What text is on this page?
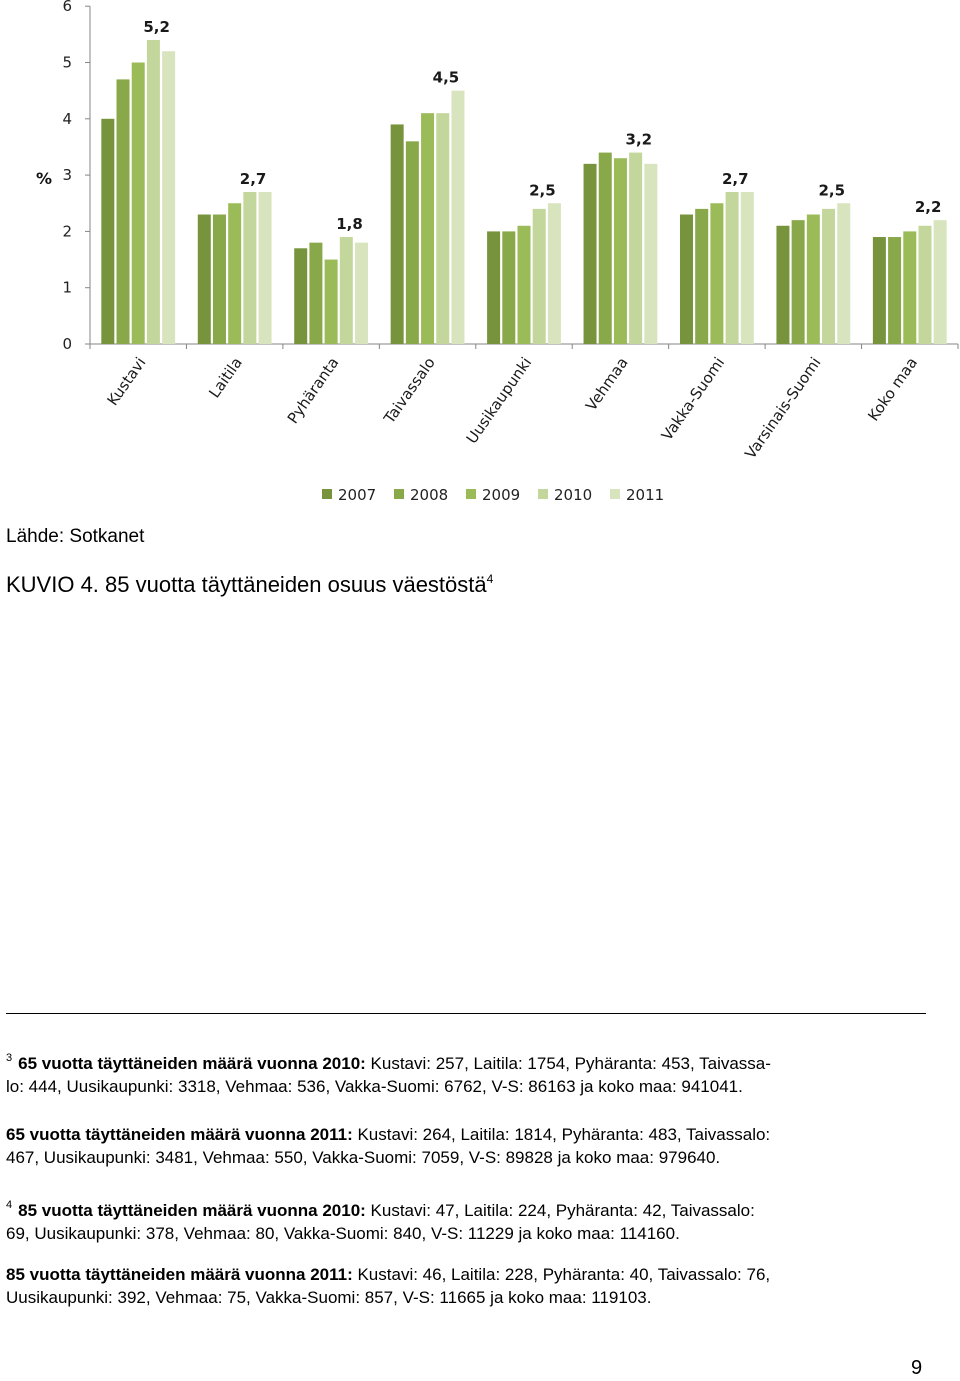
0
1
2
3
4
5
6
%
5,2
Kustavi
2,7
Laitila
1,8
Pyhäranta
4,5
Taivassalo
2,5
Uusikaupunki
3,2
Vehmaa
2,7
Vakka-Suomi
2,5
Varsinais-Suomi
2,2
Koko maa
2007 2008 2009 2010 2011
Lähde: Sotkanet
KUVIO 4. 85 vuotta täyttäneiden osuus väestöstä$^4$
$^3$ 65 vuotta täyttäneiden määrä vuonna 2010: Kustavi: 257, Laitila: 1754, Pyhäranta: 453, Taivassa-
lo: 444, Uusikaupunki: 3318, Vehmaa: 536, Vakka-Suomi: 6762, V-S: 86163 ja koko maa: 941041.
65 vuotta täyttäneiden määrä vuonna 2011: Kustavi: 264, Laitila: 1814, Pyhäranta: 483, Taivassalo:
467, Uusikaupunki: 3481, Vehmaa: 550, Vakka-Suomi: 7059, V-S: 89828 ja koko maa: 979640.
$^4$ 85 vuotta täyttäneiden määrä vuonna 2010: Kustavi: 47, Laitila: 224, Pyhäranta: 42, Taivassalo:
69, Uusikaupunki: 378, Vehmaa: 80, Vakka-Suomi: 840, V-S: 11229 ja koko maa: 114160.
85 vuotta täyttäneiden määrä vuonna 2011: Kustavi: 46, Laitila: 228, Pyhäranta: 40, Taivassalo: 76,
Uusikaupunki: 392, Vehmaa: 75, Vakka-Suomi: 857, V-S: 11665 ja koko maa: 119103.
9
